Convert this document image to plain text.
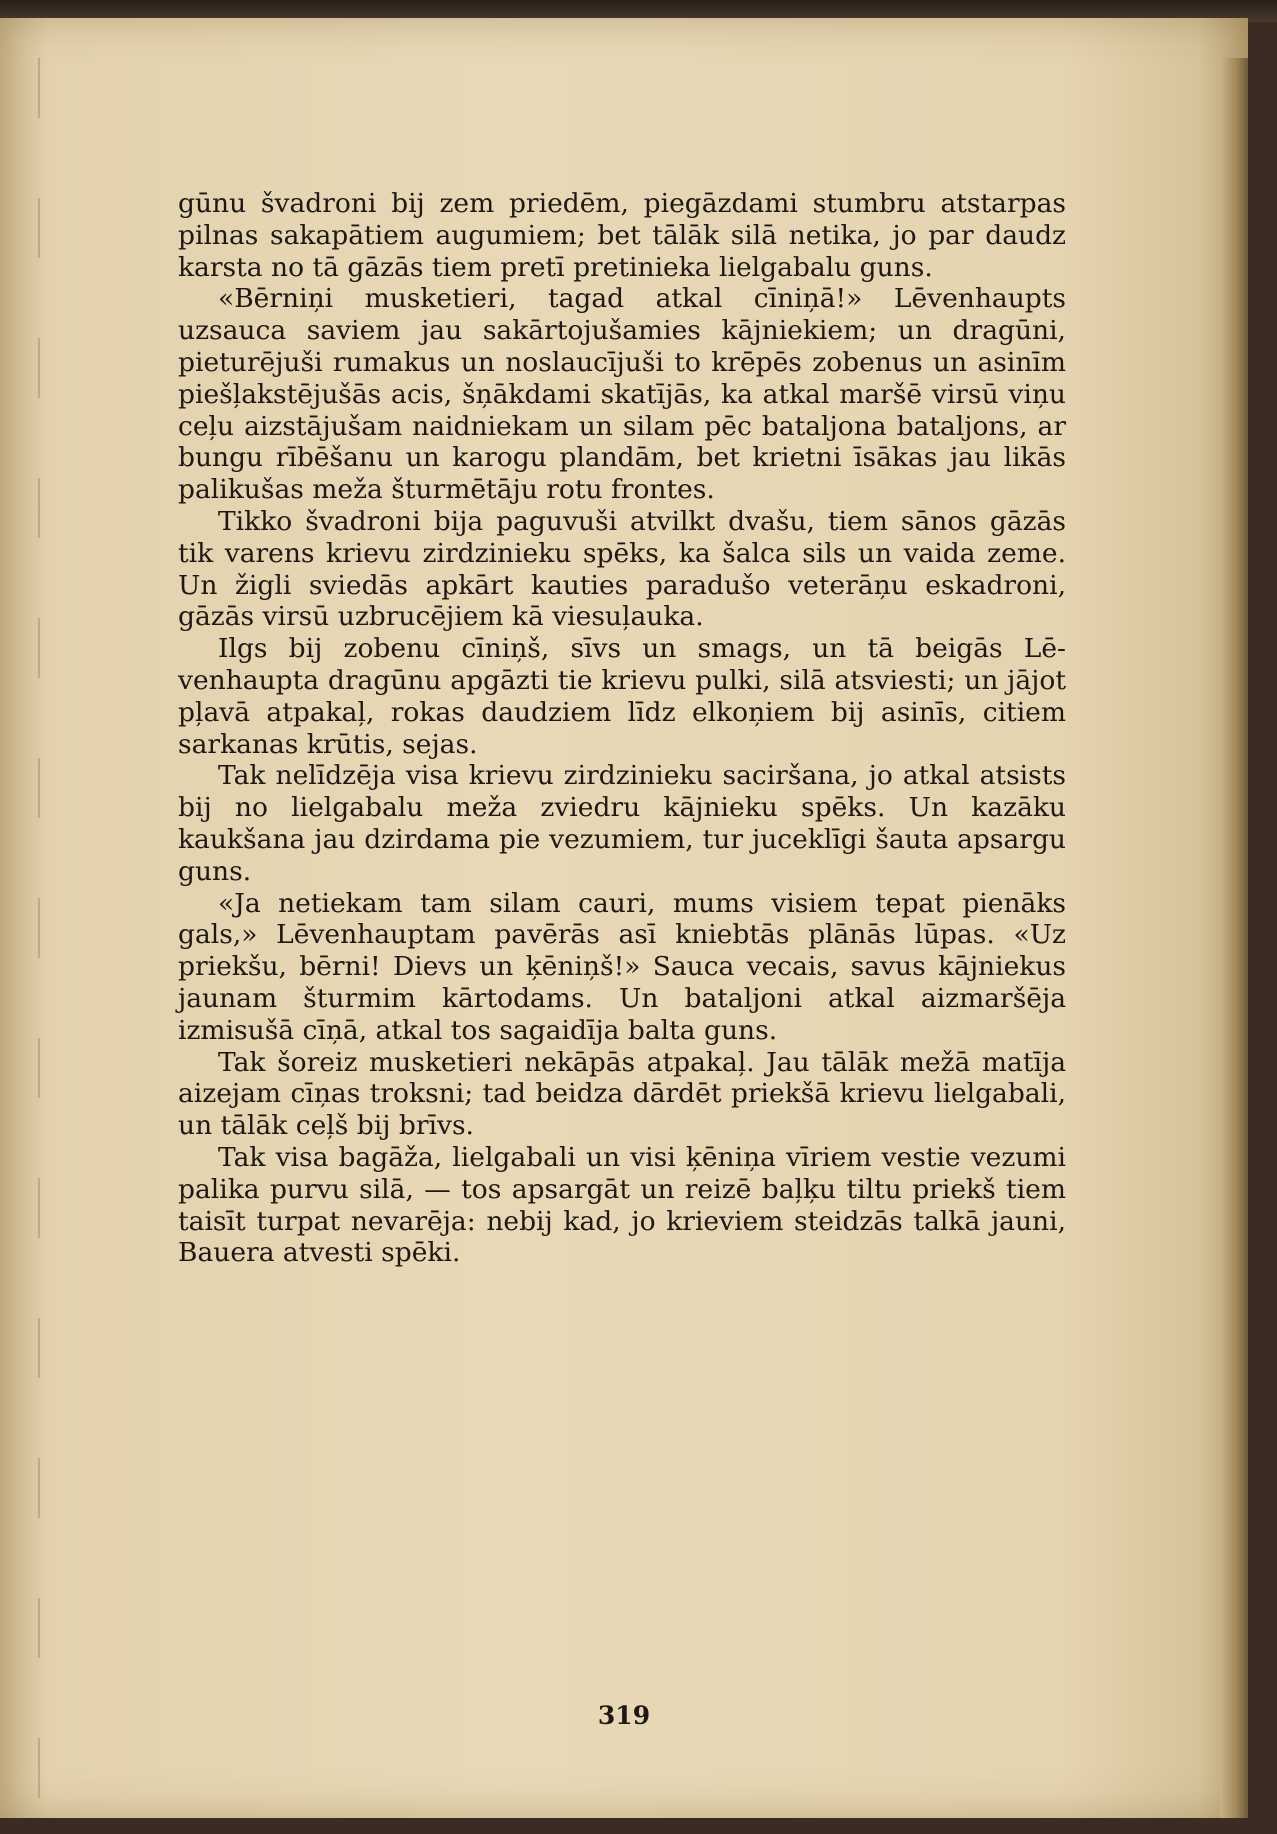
gūnu švadroni bij zem priedēm, piegāzdami stumbru atstarpas pilnas sakapātiem augumiem; bet tālāk silā netika, jo par daudz karsta no tā gāzās tiem pretī pretinieka lielgabalu guns.

«Bērniņi musketieri, tagad atkal cīniņā!» Lēvenhaupts uzsauca saviem jau sakārtojušamies kājniekiem; un dragūni, pieturējuši rumakus un noslaucījuši to krēpēs zobenus un asinīm piešļakstējušās acis, šņākdami skatījās, ka atkal maršē virsū viņu ceļu aizstājušam naidniekam un silam pēc bataljona bataljons, ar bungu rībēšanu un karogu plandām, bet krietni īsākas jau likās palikušas meža šturmētāju rotu frontes.

Tikko švadroni bija paguvuši atvilkt dvašu, tiem sānos gāzās tik varens krievu zirdzinieku spēks, ka šalca sils un vaida zeme. Un žigli sviedās apkārt kauties paradušo veterāņu eskadroni, gāzās virsū uzbrucējiem kā viesuļauka.

Ilgs bij zobenu cīniņš, sīvs un smags, un tā beigās Lēvenhaupta dragūnu apgāzti tie krievu pulki, silā atsviesti; un jājot pļavā atpakaļ, rokas daudziem līdz elkoņiem bij asinīs, citiem sarkanas krūtis, sejas.

Tak nelīdzēja visa krievu zirdzinieku saciršana, jo atkal atsists bij no lielgabalu meža zviedru kājnieku spēks. Un kazāku kaukšana jau dzirdama pie vezumiem, tur juceklīgi šauta apsargu guns.

«Ja netiekam tam silam cauri, mums visiem tepat pienāks gals,» Lēvenhauptam pavērās asī kniebtās plānās lūpas. «Uz priekšu, bērni! Dievs un ķēniņš!» Sauca vecais, savus kājniekus jaunam šturmim kārtodams. Un bataljoni atkal aizmaršēja izmisušā cīņā, atkal tos sagaidīja balta guns.

Tak šoreiz musketieri nekāpās atpakaļ. Jau tālāk mežā matīja aizejam cīņas troksni; tad beidza dārdēt priekšā krievu lielgabali, un tālāk ceļš bij brīvs.

Tak visa bagāža, lielgabali un visi ķēniņa vīriem vestie vezumi palika purvu silā, — tos apsargāt un reizē baļķu tiltu priekš tiem taisīt turpat nevarēja: nebij kad, jo krieviem steidzās talkā jauni, Bauera atvesti spēki.

319
